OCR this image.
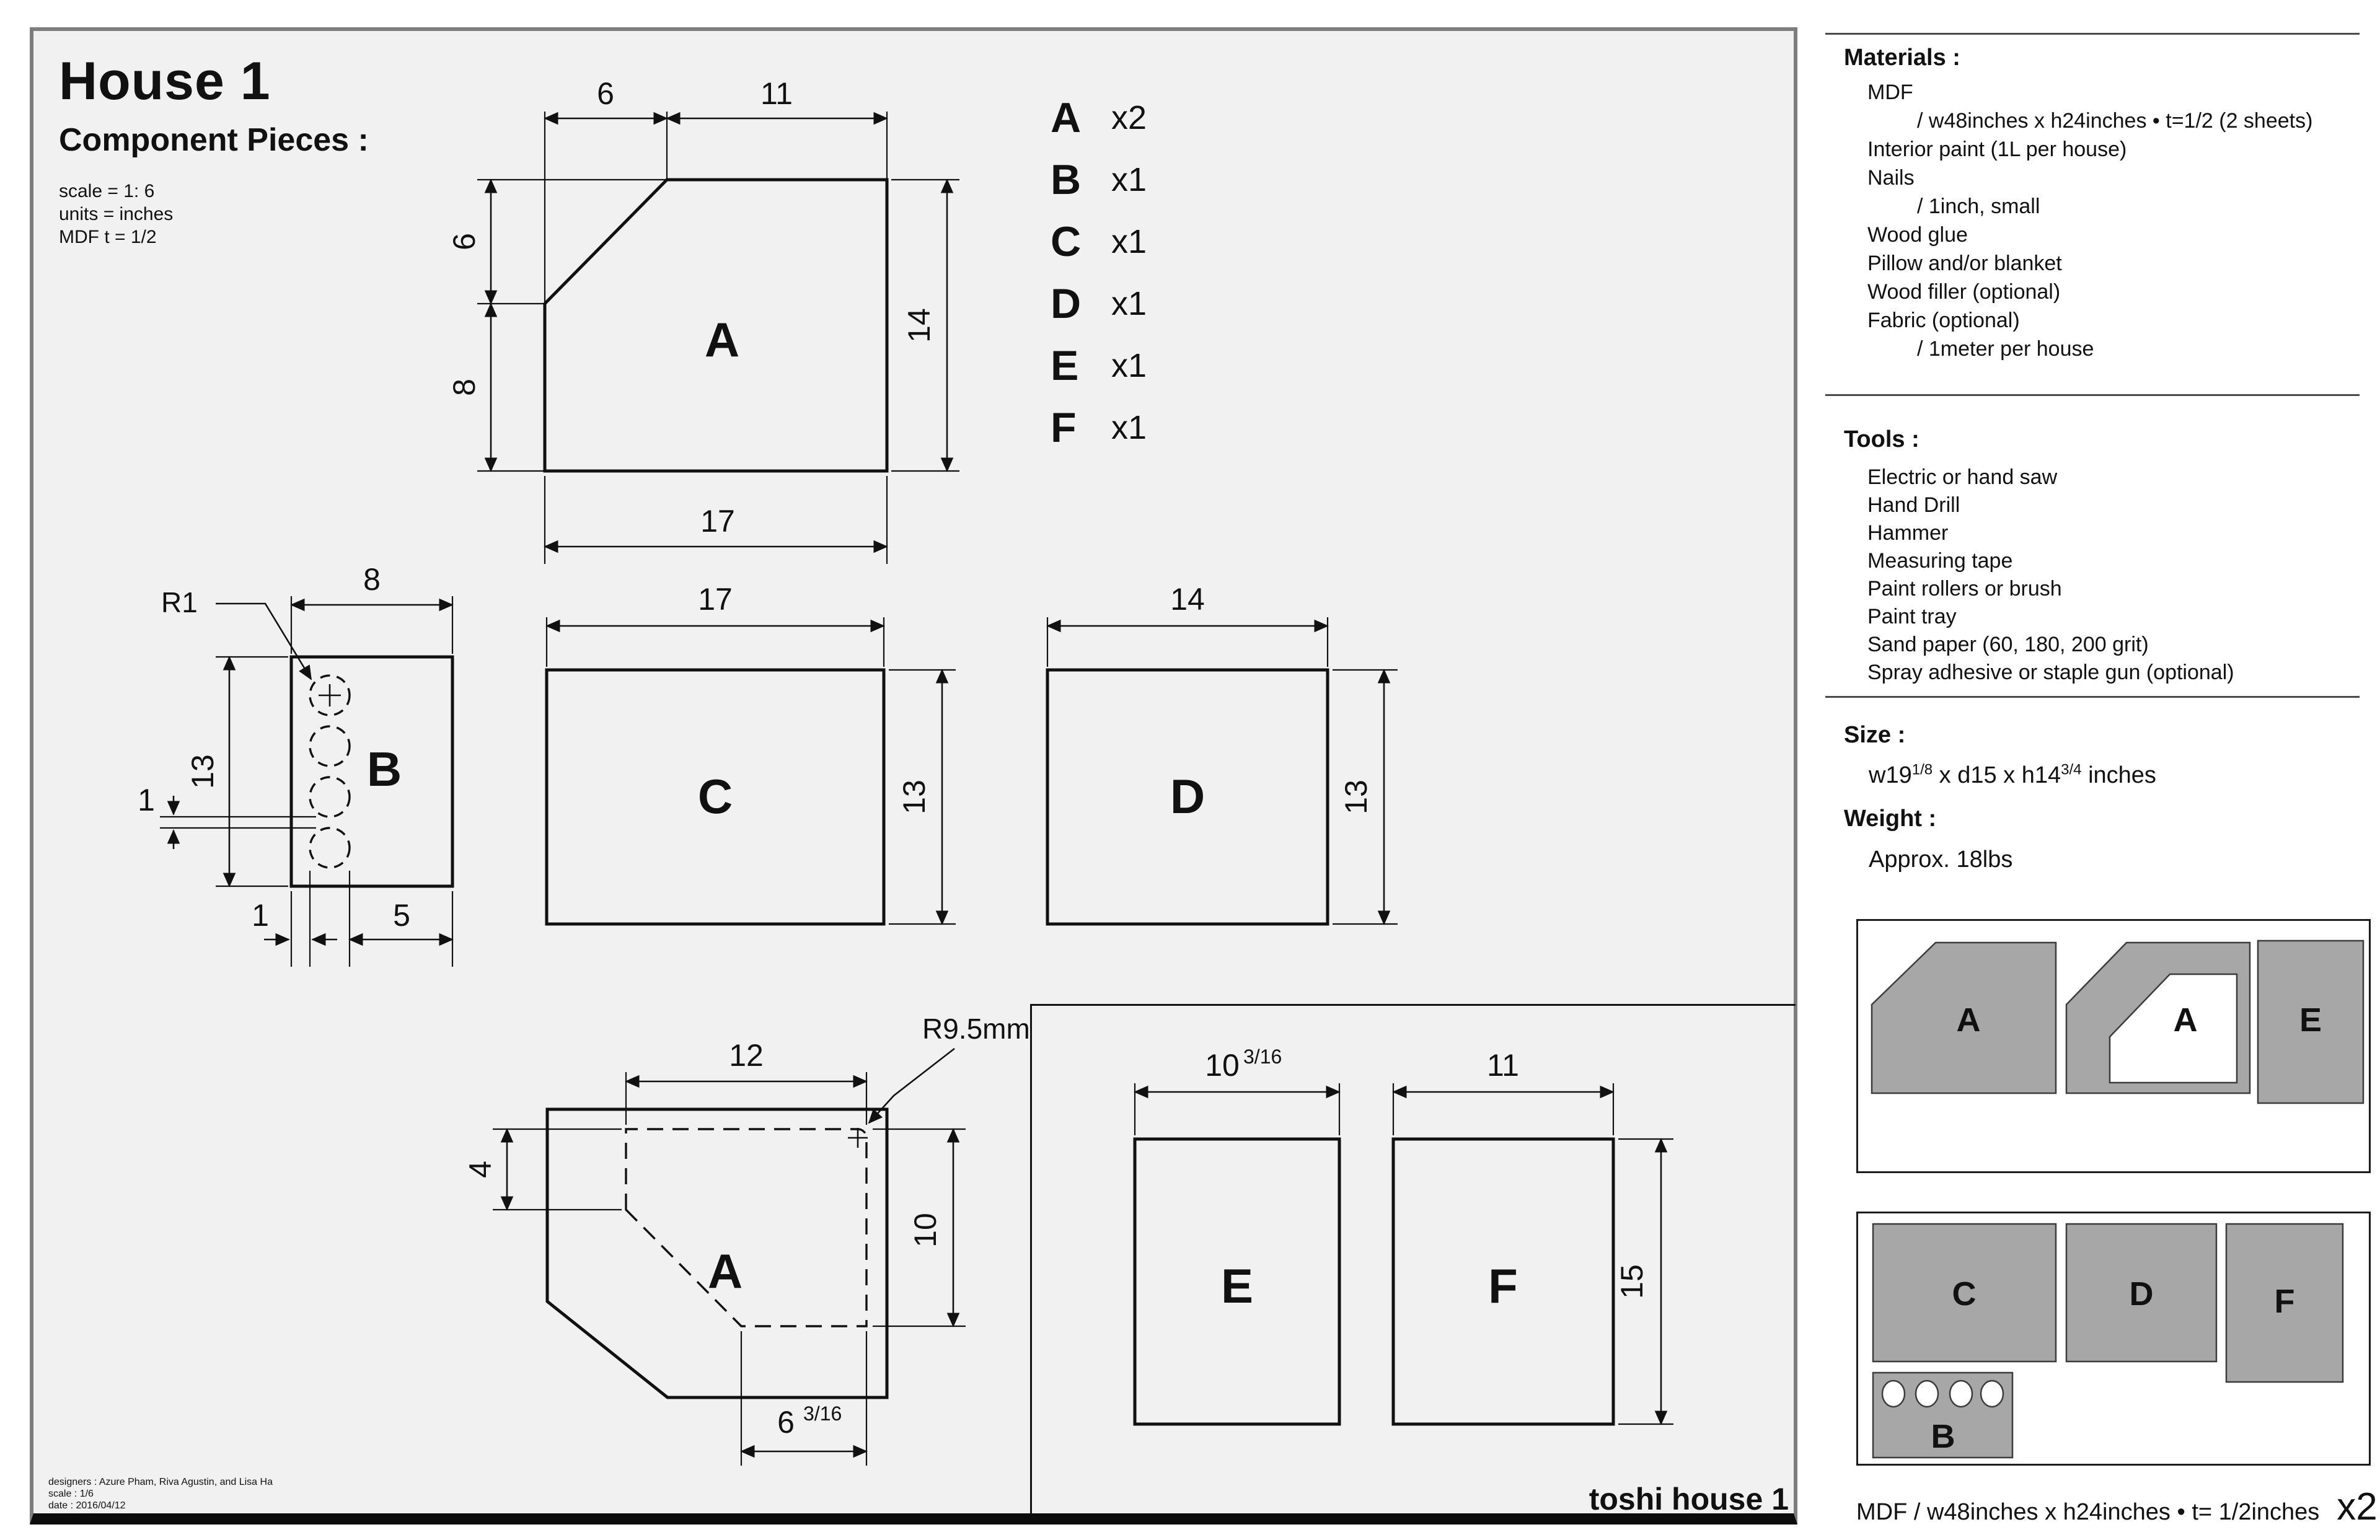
House 1
Component Pieces :
scale = 1: 6
units = inches
MDF t = 1/2
A x2
B x1
C x1
D x1
E x1
F	x1
A
6	11
6
8
14
17
B
R1
8
13
1
1	5
C
17
13	D
14
13
A
R9.5mm
12
4
10
6 3/16
E
10 3/16
F
11
15
designers : Azure Pham, Riva Agustin, and Lisa Ha
scale : 1/6
date : 2016/04/12	toshi house 1
Materials :
MDF
/ w48inches x h24inches • t=1/2 (2 sheets)
Interior paint (1L per house)
Nails
/ 1inch, small
Wood glue
Pillow and/or blanket
Wood filler (optional)
Fabric (optional)
/ 1meter per house
Tools :
Electric or hand saw
Hand Drill
Hammer
Measuring tape
Paint rollers or brush
Paint tray
Sand paper (60, 180, 200 grit)
Spray adhesive or staple gun (optional)
Size :
$w19^{1/8}$ x d15 x $h14^{3/4}$ inches
Weight :
Approx. 18lbs
A	A	E
C	D	F
B
MDF / w48inches x h24inches • t= 1/2inches x2
